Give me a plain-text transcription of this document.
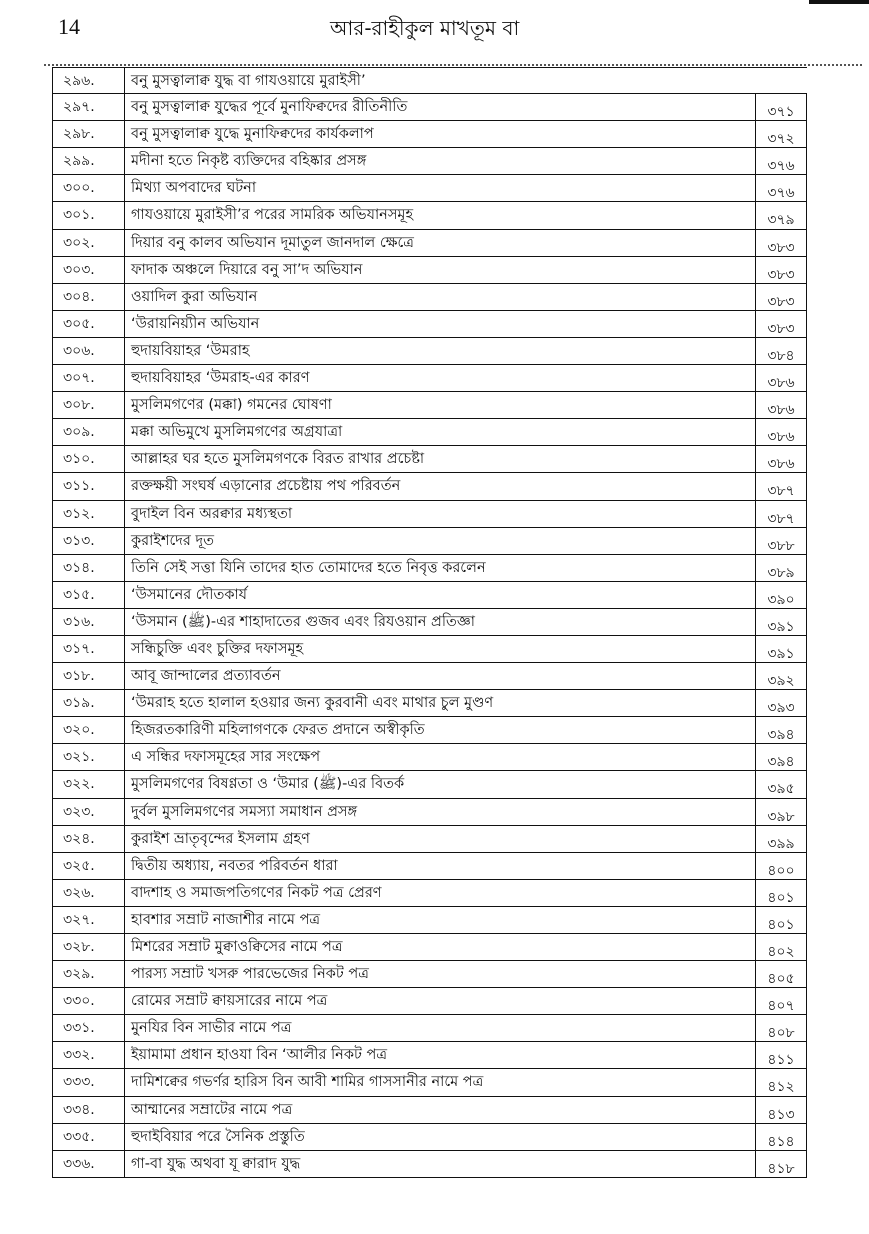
14	আর-রাহীকুল মাখতূম বা
২৯৬.	বনু মুসত্বালাক্ব যুদ্ধ বা গাযওয়ায়ে মুরাইসী’
২৯৭.	বনু মুসত্বালাক্ব যুদ্ধের পূর্বে মুনাফিক্বদের রীতিনীতি	৩৭১
২৯৮.	বনু মুসত্বালাক্ব যুদ্ধে মুনাফিক্বদের কার্যকলাপ	৩৭২
২৯৯.	মদীনা হতে নিকৃষ্ট ব্যক্তিদের বহিষ্কার প্রসঙ্গ	৩৭৬
৩০০.	মিথ্যা অপবাদের ঘটনা	৩৭৬
৩০১.	গাযওয়ায়ে মুরাইসী’র পরের সামরিক অভিযানসমূহ	৩৭৯
৩০২.	দিয়ার বনু কালব অভিযান দূমাতুল জানদাল ক্ষেত্রে	৩৮৩
৩০৩.	ফাদাক অঞ্চলে দিয়ারে বনু সা’দ অভিযান	৩৮৩
৩০৪.	ওয়াদিল কুরা অভিযান	৩৮৩
৩০৫.	‘উরায়নিয়্যীন অভিযান	৩৮৩
৩০৬.	হুদায়বিয়াহর ‘উমরাহ	৩৮৪
৩০৭.	হুদায়বিয়াহর ‘উমরাহ-এর কারণ	৩৮৬
৩০৮.	মুসলিমগণের (মক্কা) গমনের ঘোষণা	৩৮৬
৩০৯.	মক্কা অভিমুখে মুসলিমগণের অগ্রযাত্রা	৩৮৬
৩১০.	আল্লাহর ঘর হতে মুসলিমগণকে বিরত রাখার প্রচেষ্টা	৩৮৬
৩১১.	রক্তক্ষয়ী সংঘর্ষ এড়ানোর প্রচেষ্টায় পথ পরিবর্তন	৩৮৭
৩১২.	বুদাইল বিন অরক্বার মধ্যস্থতা	৩৮৭
৩১৩.	কুরাইশদের দূত	৩৮৮
৩১৪.	তিনি সেই সত্তা যিনি তাদের হাত তোমাদের হতে নিবৃত্ত করলেন	৩৮৯
৩১৫.	‘উসমানের দৌতকার্য	৩৯০
৩১৬.	‘উসমান (ﷺ)-এর শাহাদাতের গুজব এবং রিযওয়ান প্রতিজ্ঞা	৩৯১
৩১৭.	সন্ধিচুক্তি এবং চুক্তির দফাসমূহ	৩৯১
৩১৮.	আবূ জান্দালের প্রত্যাবর্তন	৩৯২
৩১৯.	‘উমরাহ হতে হালাল হওয়ার জন্য কুরবানী এবং মাথার চুল মুণ্ডণ	৩৯৩
৩২০.	হিজরতকারিণী মহিলাগণকে ফেরত প্রদানে অস্বীকৃতি	৩৯৪
৩২১.	এ সন্ধির দফাসমূহের সার সংক্ষেপ	৩৯৪
৩২২.	মুসলিমগণের বিষণ্ণতা ও ‘উমার (ﷺ)-এর বিতর্ক	৩৯৫
৩২৩.	দুর্বল মুসলিমগণের সমস্যা সমাধান প্রসঙ্গ	৩৯৮
৩২৪.	কুরাইশ ভ্রাতৃবৃন্দের ইসলাম গ্রহণ	৩৯৯
৩২৫.	দ্বিতীয় অধ্যায়, নবতর পরিবর্তন ধারা	৪০০
৩২৬.	বাদশাহ ও সমাজপতিগণের নিকট পত্র প্রেরণ	৪০১
৩২৭.	হাবশার সম্রাট নাজাশীর নামে পত্র	৪০১
৩২৮.	মিশরের সম্রাট মুক্বাওক্বিসের নামে পত্র	৪০২
৩২৯.	পারস্য সম্রাট খসরু পারভেজের নিকট পত্র	৪০৫
৩৩০.	রোমের সম্রাট ক্বায়সারের নামে পত্র	৪০৭
৩৩১.	মুনযির বিন সাভীর নামে পত্র	৪০৮
৩৩২.	ইয়ামামা প্রধান হাওযা বিন ‘আলীর নিকট পত্র	৪১১
৩৩৩.	দামিশক্বের গভর্ণর হারিস বিন আবী শামির গাসসানীর নামে পত্র	৪১২
৩৩৪.	আম্মানের সম্রাটের নামে পত্র	৪১৩
৩৩৫.	হুদাইবিয়ার পরে সৈনিক প্রস্তুতি	৪১৪
৩৩৬.	গা-বা যুদ্ধ অথবা যূ ক্বারাদ যুদ্ধ	৪১৮
